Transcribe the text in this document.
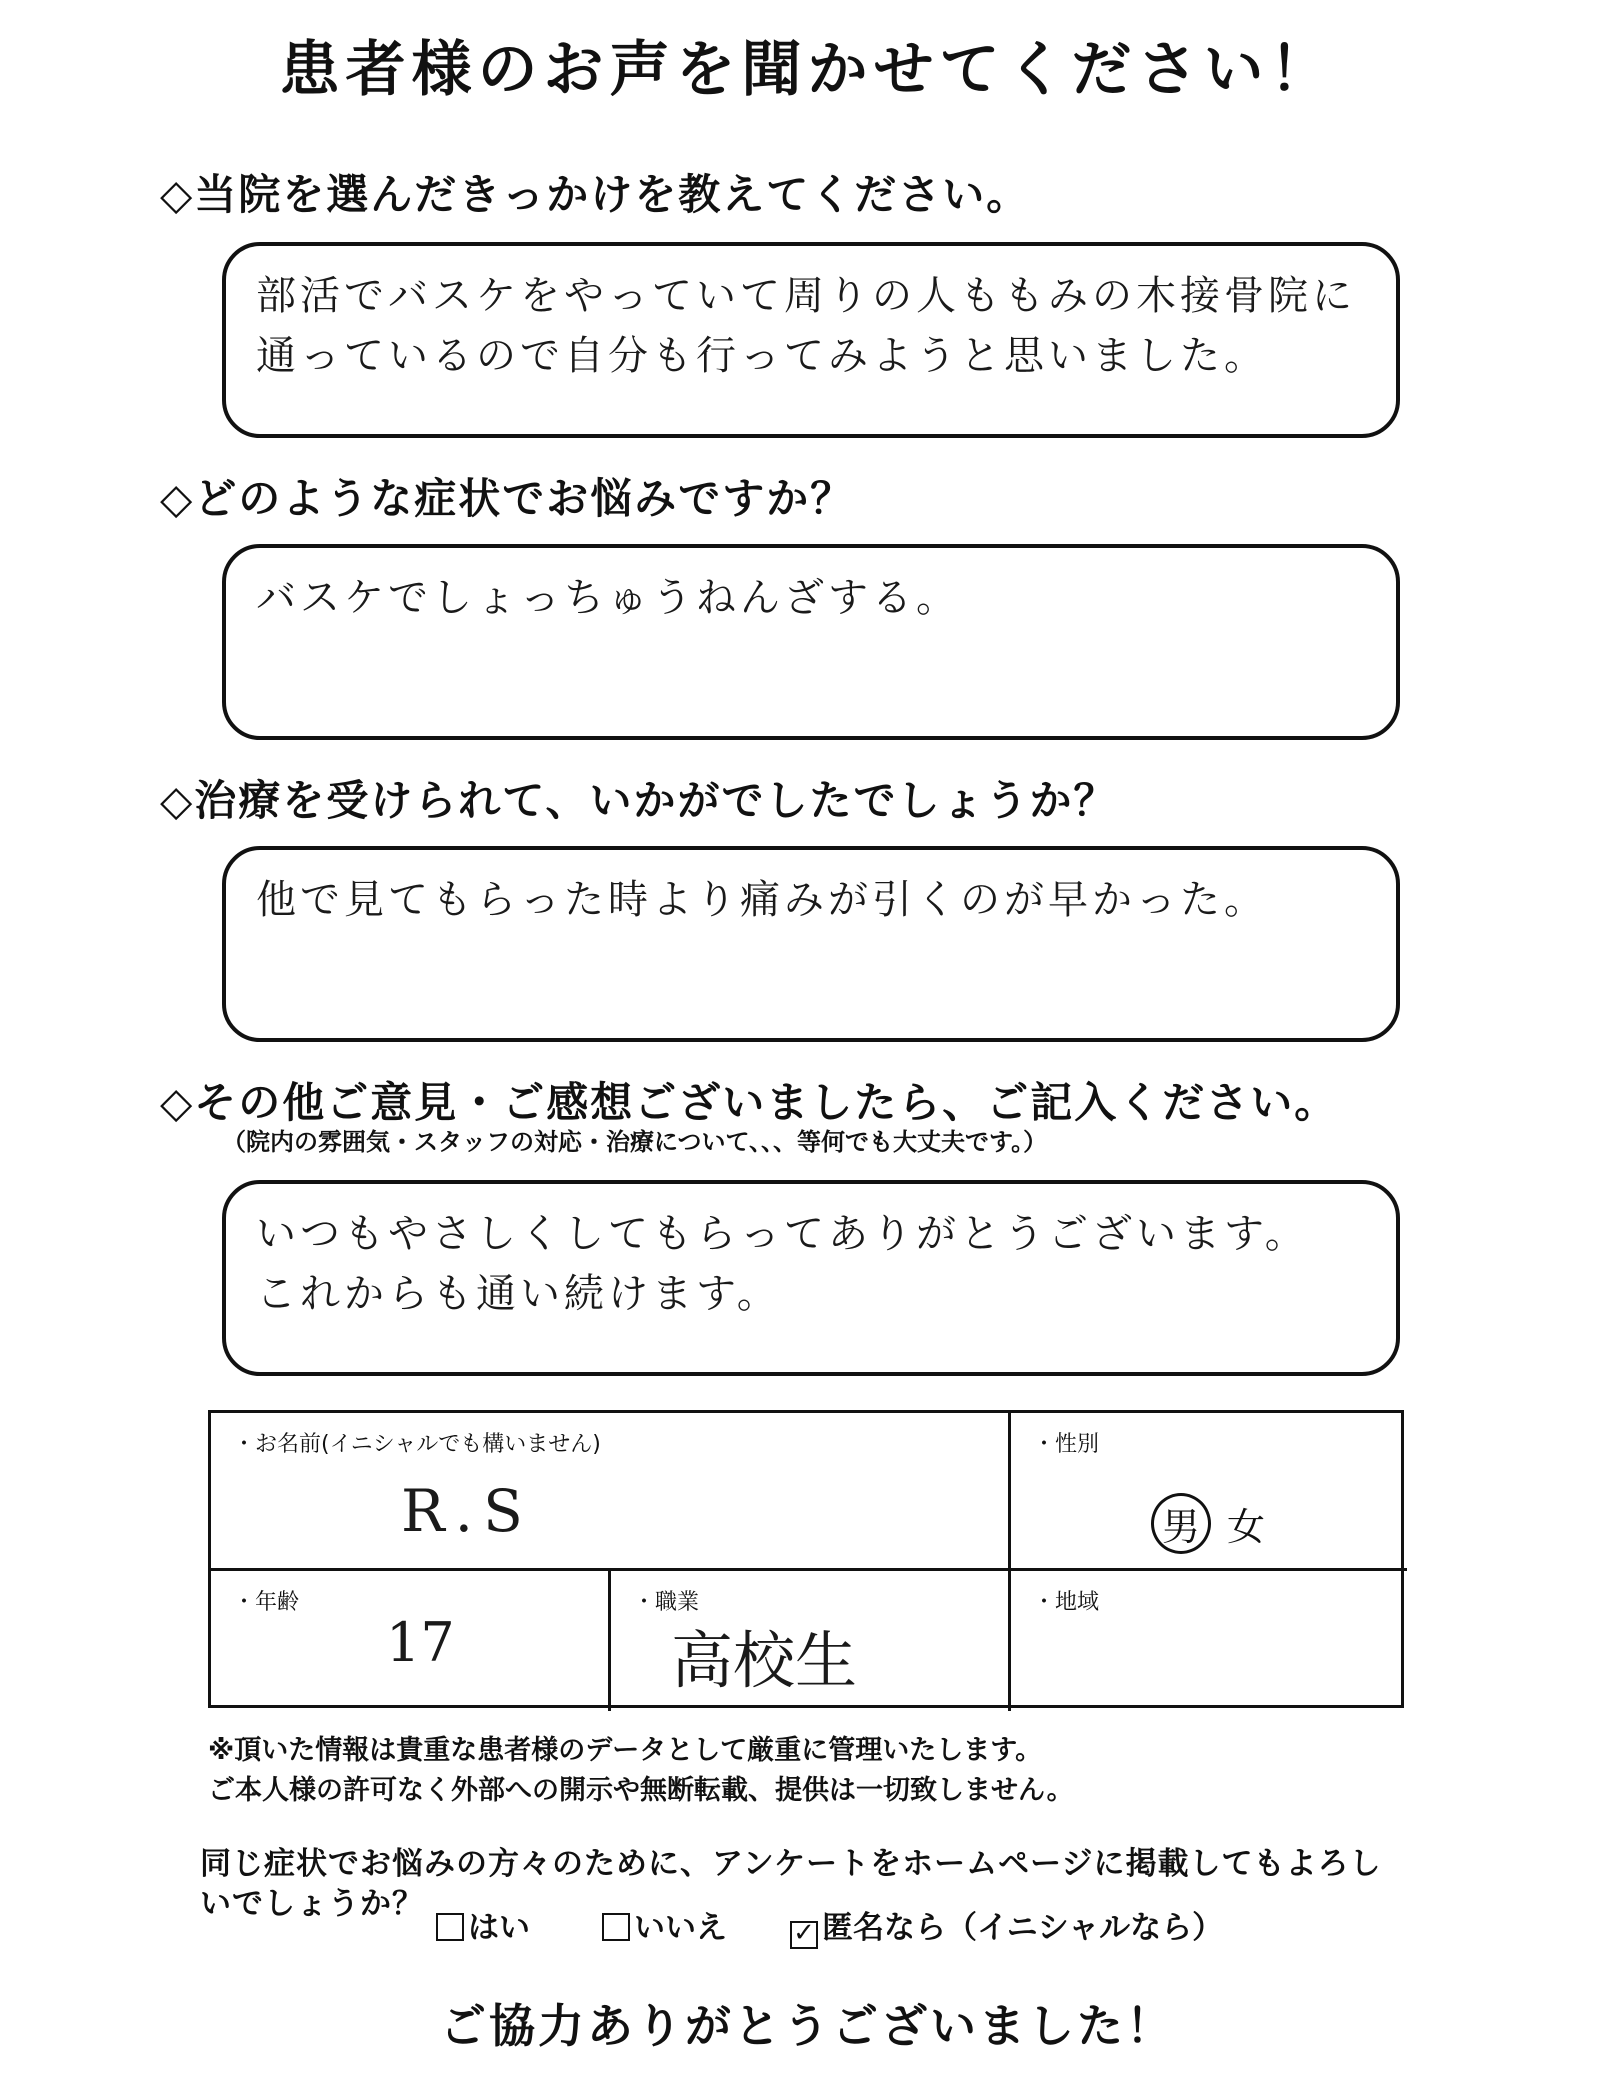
患者様のお声を聞かせてください！
◇当院を選んだきっかけを教えてください。
部活でバスケをやっていて周りの人ももみの木接骨院に
通っているので自分も行ってみようと思いました。
◇どのような症状でお悩みですか？
バスケでしょっちゅうねんざする。
◇治療を受けられて、いかがでしたでしょうか？
他で見てもらった時より痛みが引くのが早かった。
◇その他ご意見・ご感想ございましたら、ご記入ください。
（院内の雰囲気・スタッフの対応・治療について、、、等何でも大丈夫です。）
いつもやさしくしてもらってありがとうございます。
これからも通い続けます。
・お名前(イニシャルでも構いません)
R.S
・性別
男 女
・年齢
17
・職業
高校生
・地域
※頂いた情報は貴重な患者様のデータとして厳重に管理いたします。
ご本人様の許可なく外部への開示や無断転載、提供は一切致しません。
同じ症状でお悩みの方々のために、アンケートをホームページに掲載してもよろし
いでしょうか？
はい	いいえ	✓ 匿名なら（イニシャルなら）
ご協力ありがとうございました！
